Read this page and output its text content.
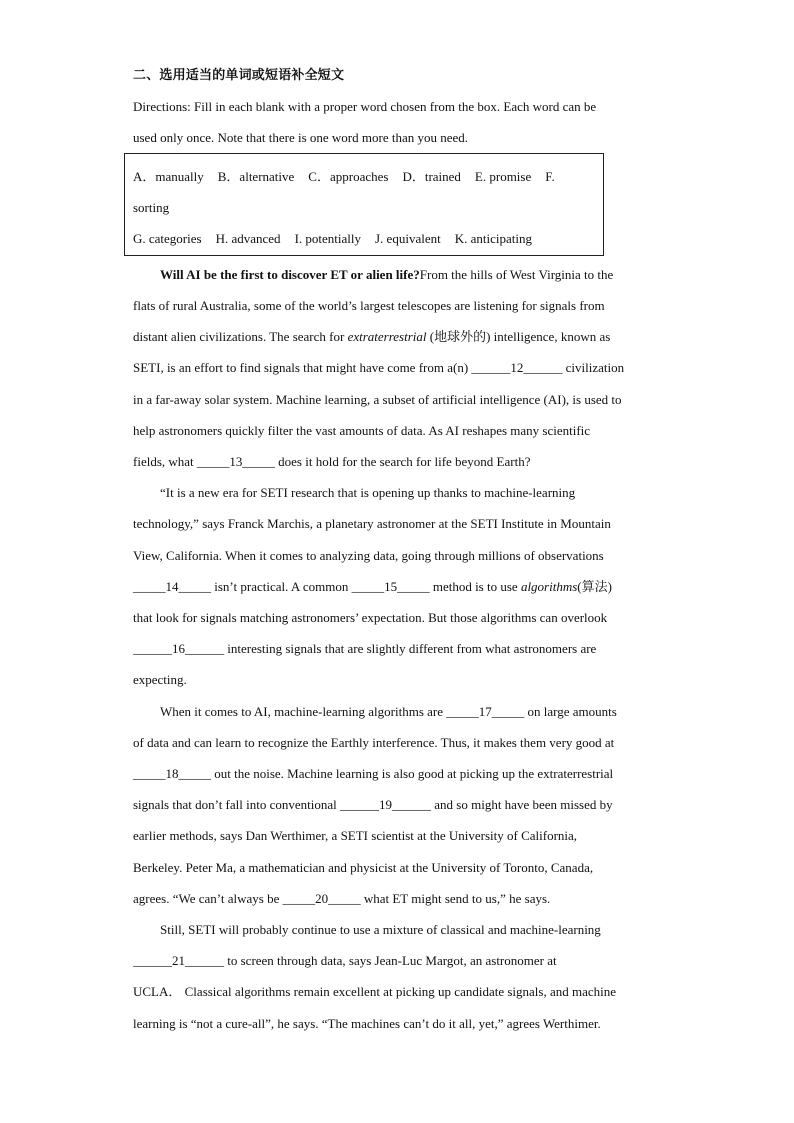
二、选用适当的单词或短语补全短文
Directions: Fill in each blank with a proper word chosen from the box. Each word can be
used only once. Note that there is one word more than you need.
A．manually B．alternative C．approaches D．trained E. promise F.
sorting
G. categories H. advanced I. potentially J. equivalent K. anticipating
Will AI be the first to discover ET or alien life?From the hills of West Virginia to the
flats of rural Australia, some of the world’s largest telescopes are listening for signals from
distant alien civilizations. The search for extraterrestrial (地球外的) intelligence, known as
SETI, is an effort to find signals that might have come from a(n) ______12______ civilization
in a far-away solar system. Machine learning, a subset of artificial intelligence (AI), is used to
help astronomers quickly filter the vast amounts of data. As AI reshapes many scientific
fields, what _____13_____ does it hold for the search for life beyond Earth?
“It is a new era for SETI research that is opening up thanks to machine-learning
technology,” says Franck Marchis, a planetary astronomer at the SETI Institute in Mountain
View, California. When it comes to analyzing data, going through millions of observations
_____14_____ isn’t practical. A common _____15_____ method is to use algorithms(算法)
that look for signals matching astronomers’ expectation. But those algorithms can overlook
______16______ interesting signals that are slightly different from what astronomers are
expecting.
When it comes to AI, machine-learning algorithms are _____17_____ on large amounts
of data and can learn to recognize the Earthly interference. Thus, it makes them very good at
_____18_____ out the noise. Machine learning is also good at picking up the extraterrestrial
signals that don’t fall into conventional ______19______ and so might have been missed by
earlier methods, says Dan Werthimer, a SETI scientist at the University of California,
Berkeley. Peter Ma, a mathematician and physicist at the University of Toronto, Canada,
agrees. “We can’t always be _____20_____ what ET might send to us,” he says.
Still, SETI will probably continue to use a mixture of classical and machine-learning
______21______ to screen through data, says Jean-Luc Margot, an astronomer at
UCLA． Classical algorithms remain excellent at picking up candidate signals, and machine
learning is “not a cure-all”, he says. “The machines can’t do it all, yet,” agrees Werthimer.
